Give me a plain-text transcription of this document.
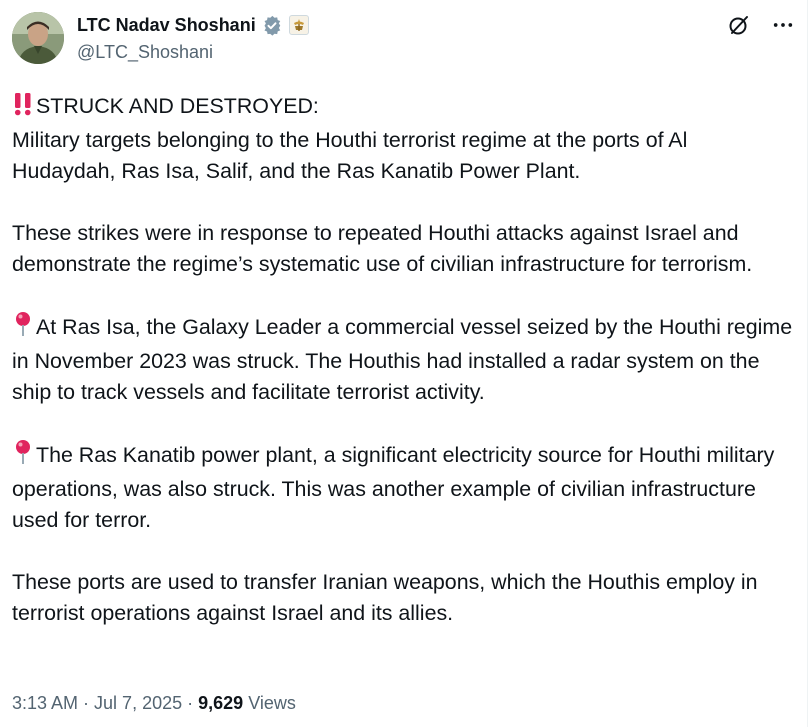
LTC Nadav Shoshani
@LTC_Shoshani

STRUCK AND DESTROYED:
Military targets belonging to the Houthi terrorist regime at the ports of Al Hudaydah, Ras Isa, Salif, and the Ras Kanatib Power Plant.

These strikes were in response to repeated Houthi attacks against Israel and demonstrate the regime’s systematic use of civilian infrastructure for terrorism.

At Ras Isa, the Galaxy Leader a commercial vessel seized by the Houthi regime in November 2023 was struck. The Houthis had installed a radar system on the ship to track vessels and facilitate terrorist activity.

The Ras Kanatib power plant, a significant electricity source for Houthi military operations, was also struck. This was another example of civilian infrastructure used for terror.

These ports are used to transfer Iranian weapons, which the Houthis employ in terrorist operations against Israel and its allies.

3:13 AM · Jul 7, 2025 · 9,629 Views
